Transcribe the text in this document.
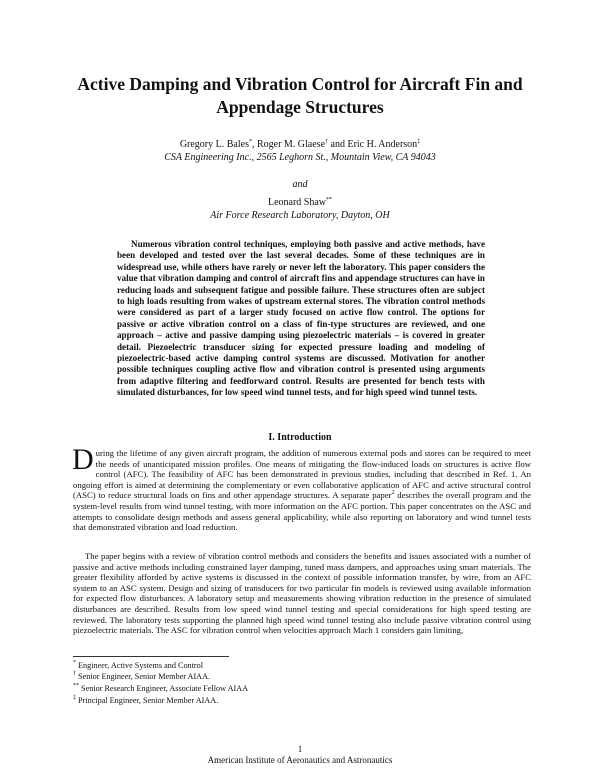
Active Damping and Vibration Control for Aircraft Fin and Appendage Structures
Gregory L. Bales*, Roger M. Glaese† and Eric H. Anderson‡
CSA Engineering Inc., 2565 Leghorn St., Mountain View, CA 94043
and
Leonard Shaw**
Air Force Research Laboratory, Dayton, OH
Numerous vibration control techniques, employing both passive and active methods, have been developed and tested over the last several decades. Some of these techniques are in widespread use, while others have rarely or never left the laboratory. This paper considers the value that vibration damping and control of aircraft fins and appendage structures can have in reducing loads and subsequent fatigue and possible failure. These structures often are subject to high loads resulting from wakes of upstream external stores. The vibration control methods were considered as part of a larger study focused on active flow control. The options for passive or active vibration control on a class of fin-type structures are reviewed, and one approach – active and passive damping using piezoelectric materials – is covered in greater detail. Piezoelectric transducer sizing for expected pressure loading and modeling of piezoelectric-based active damping control systems are discussed. Motivation for another possible techniques coupling active flow and vibration control is presented using arguments from adaptive filtering and feedforward control. Results are presented for bench tests with simulated disturbances, for low speed wind tunnel tests, and for high speed wind tunnel tests.
I. Introduction
During the lifetime of any given aircraft program, the addition of numerous external pods and stores can be required to meet the needs of unanticipated mission profiles. One means of mitigating the flow-induced loads on structures is active flow control (AFC). The feasibility of AFC has been demonstrated in previous studies, including that described in Ref. 1. An ongoing effort is aimed at determining the complementary or even collaborative application of AFC and active structural control (ASC) to reduce structural loads on fins and other appendage structures. A separate paper$^2$ describes the overall program and the system-level results from wind tunnel testing, with more information on the AFC portion. This paper concentrates on the ASC and attempts to consolidate design methods and assess general applicability, while also reporting on laboratory and wind tunnel tests that demonstrated vibration and load reduction.
The paper begins with a review of vibration control methods and considers the benefits and issues associated with a number of passive and active methods including constrained layer damping, tuned mass dampers, and approaches using smart materials. The greater flexibility afforded by active systems is discussed in the context of possible information transfer, by wire, from an AFC system to an ASC system. Design and sizing of transducers for two particular fin models is reviewed using available information for expected flow disturbances. A laboratory setup and measurements showing vibration reduction in the presence of simulated disturbances are described. Results from low speed wind tunnel testing and special considerations for high speed testing are reviewed. The laboratory tests supporting the planned high speed wind tunnel testing also include passive vibration control using piezoelectric materials. The ASC for vibration control when velocities approach Mach 1 considers gain limiting,
* Engineer, Active Systems and Control
† Senior Engineer, Senior Member AIAA.
** Senior Research Engineer, Associate Fellow AIAA
‡ Principal Engineer, Senior Member AIAA.
1
American Institute of Aeronautics and Astronautics
